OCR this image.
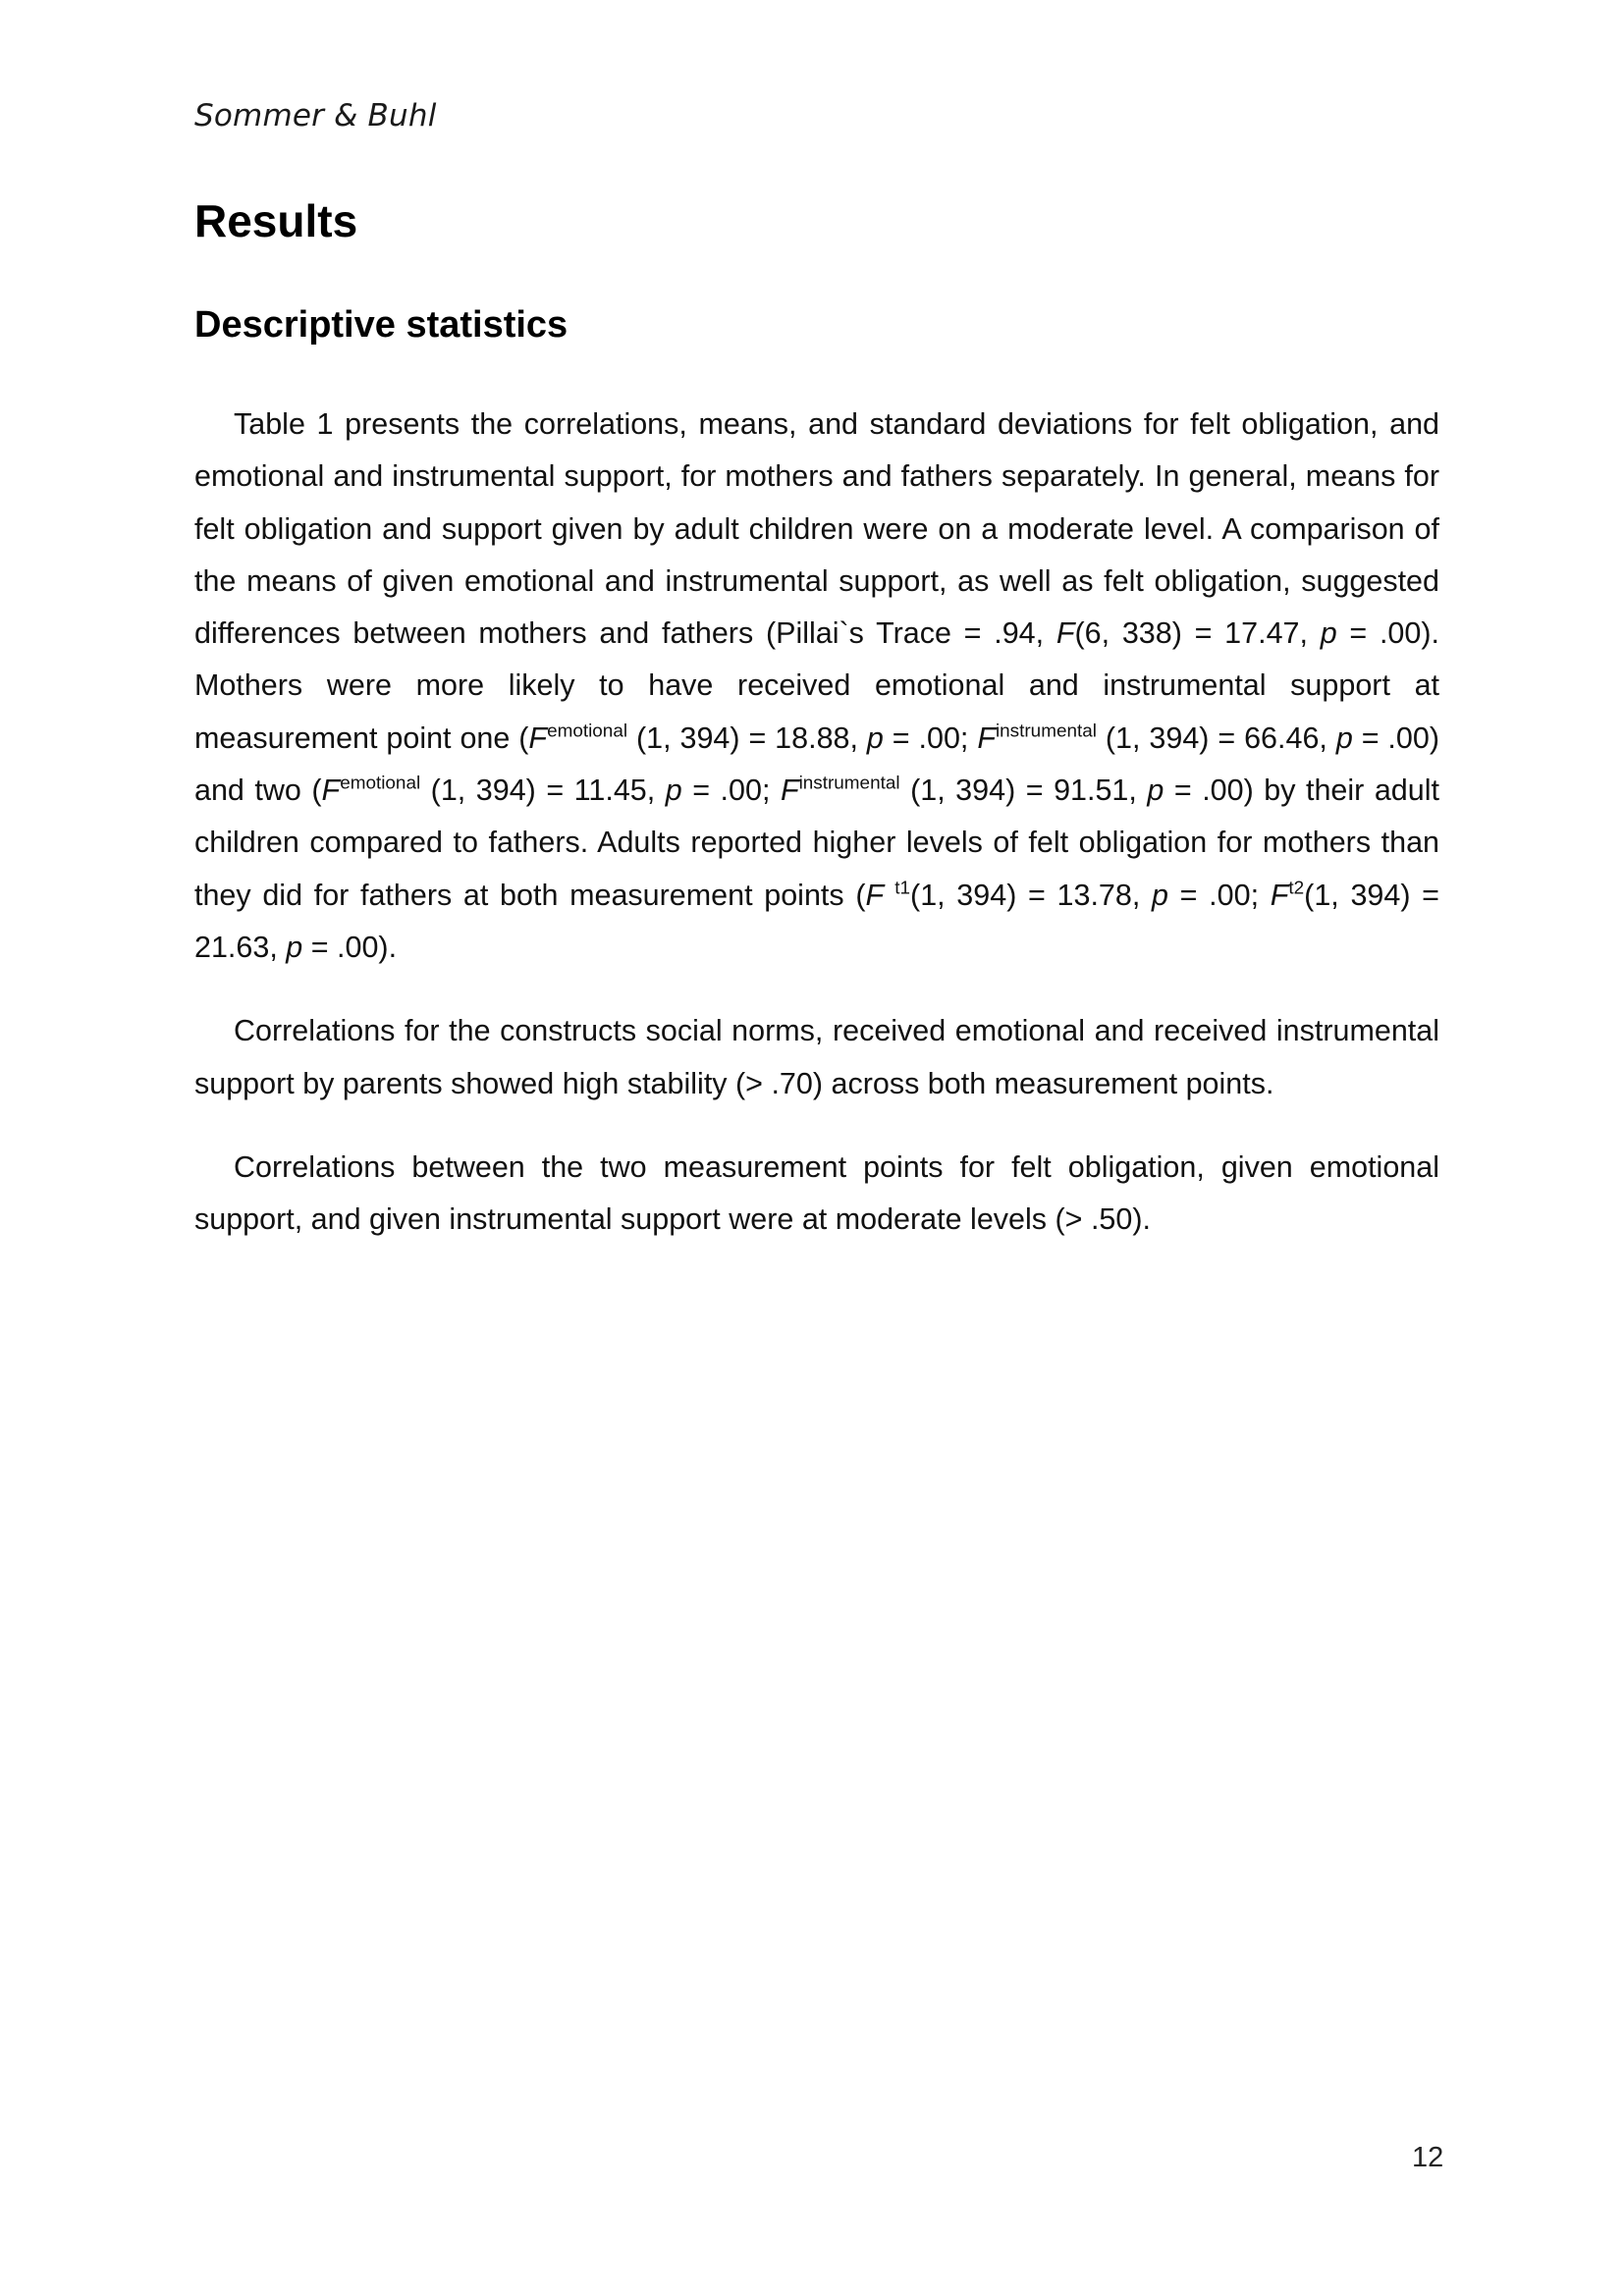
Sommer & Buhl
Results
Descriptive statistics

Table 1 presents the correlations, means, and standard deviations for felt obligation, and emotional and instrumental support, for mothers and fathers separately. In general, means for felt obligation and support given by adult children were on a moderate level. A comparison of the means of given emotional and instrumental support, as well as felt obligation, suggested differences between mothers and fathers (Pillai`s Trace = .94, F(6, 338) = 17.47, p = .00). Mothers were more likely to have received emotional and instrumental support at measurement point one ($F^{emotional}$ (1, 394) = 18.88, p = .00; $F^{instrumental}$ (1, 394) = 66.46, p = .00) and two ($F^{emotional}$ (1, 394) = 11.45, p = .00; $F^{instrumental}$ (1, 394) = 91.51, p = .00) by their adult children compared to fathers. Adults reported higher levels of felt obligation for mothers than they did for fathers at both measurement points (F $^{t1}$(1, 394) = 13.78, p = .00; $F^{t2}(1$, 394) = 21.63, p = .00).

Correlations for the constructs social norms, received emotional and received instrumental support by parents showed high stability (> .70) across both measurement points.

Correlations between the two measurement points for felt obligation, given emotional support, and given instrumental support were at moderate levels (> .50).

12
